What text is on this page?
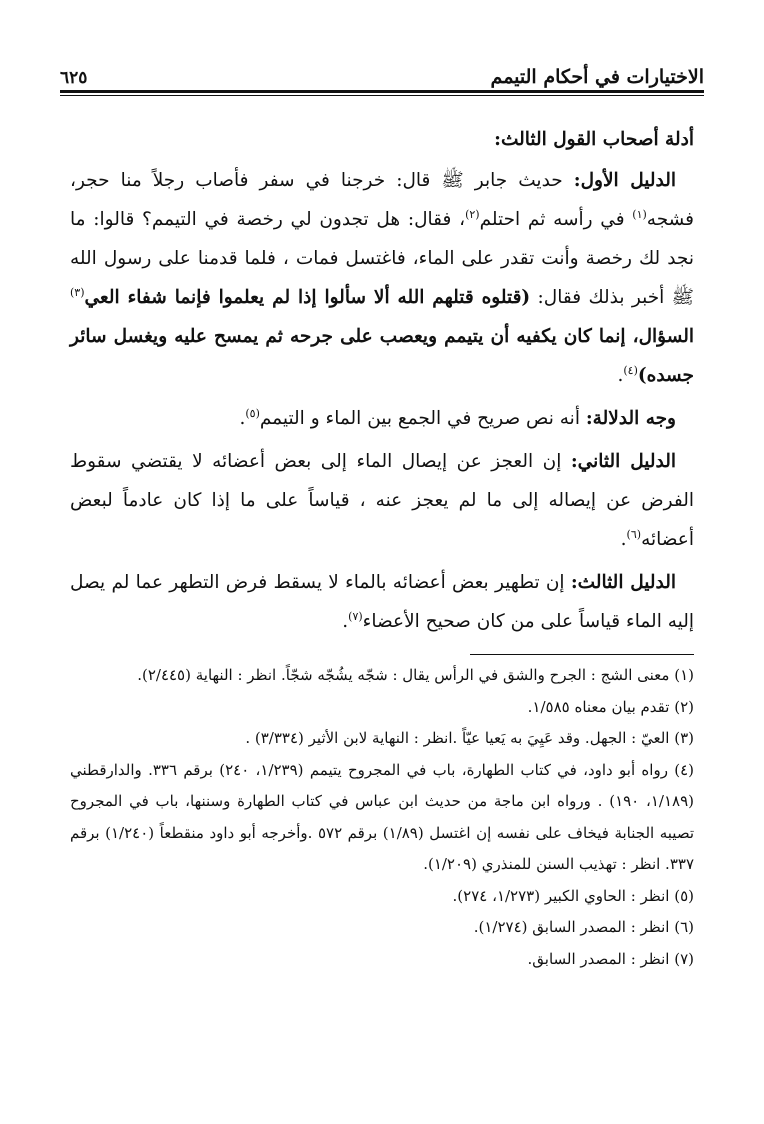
الاختيارات في أحكام التيمم
٦٢٥
أدلة أصحاب القول الثالث:

الدليل الأول: حديث جابر ﷺ قال: خرجنا في سفر فأصاب رجلاً منا حجر، فشجه$^{(١)}$ في رأسه ثم احتلم$^{(٢)}$، فقال: هل تجدون لي رخصة في التيمم؟ قالوا: ما نجد لك رخصة وأنت تقدر على الماء، فاغتسل فمات ، فلما قدمنا على رسول الله ﷺ أخبر بذلك فقال: (قتلوه قتلهم الله ألا سألوا إذا لم يعلموا فإنما شفاء العي$^{(٣)}$ السؤال، إنما كان يكفيه أن يتيمم ويعصب على جرحه ثم يمسح عليه ويغسل سائر جسده)$^{(٤)}$.

وجه الدلالة: أنه نص صريح في الجمع بين الماء و التيمم$^{(٥)}$.

الدليل الثاني: إن العجز عن إيصال الماء إلى بعض أعضائه لا يقتضي سقوط الفرض عن إيصاله إلى ما لم يعجز عنه ، قياساً على ما إذا كان عادماً لبعض أعضائه$^{(٦)}$.

الدليل الثالث: إن تطهير بعض أعضائه بالماء لا يسقط فرض التطهر عما لم يصل إليه الماء قياساً على من كان صحيح الأعضاء$^{(٧)}$.

(١) معنى الشج : الجرح والشق في الرأس يقال : شجّه يشُجّه شجّاً. انظر : النهاية (٢/٤٤٥).

(٢) تقدم بيان معناه ١/٥٨٥.

(٣) العيّ : الجهل. وقد عَيِيَ به يَعيا عيّاً .انظر : النهاية لابن الأثير (٣/٣٣٤) .

(٤) رواه أبو داود، في كتاب الطهارة، باب في المجروح يتيمم (١/٢٣٩، ٢٤٠) برقم ٣٣٦. والدارقطني (١/١٨٩، ١٩٠) . ورواه ابن ماجة من حديث ابن عباس في كتاب الطهارة وسننها، باب في المجروح تصيبه الجنابة فيخاف على نفسه إن اغتسل (١/٨٩) برقم ٥٧٢ .وأخرجه أبو داود منقطعاً (١/٢٤٠) برقم ٣٣٧. انظر : تهذيب السنن للمنذري (١/٢٠٩).

(٥) انظر : الحاوي الكبير (١/٢٧٣، ٢٧٤).

(٦) انظر : المصدر السابق (١/٢٧٤).

(٧) انظر : المصدر السابق.
